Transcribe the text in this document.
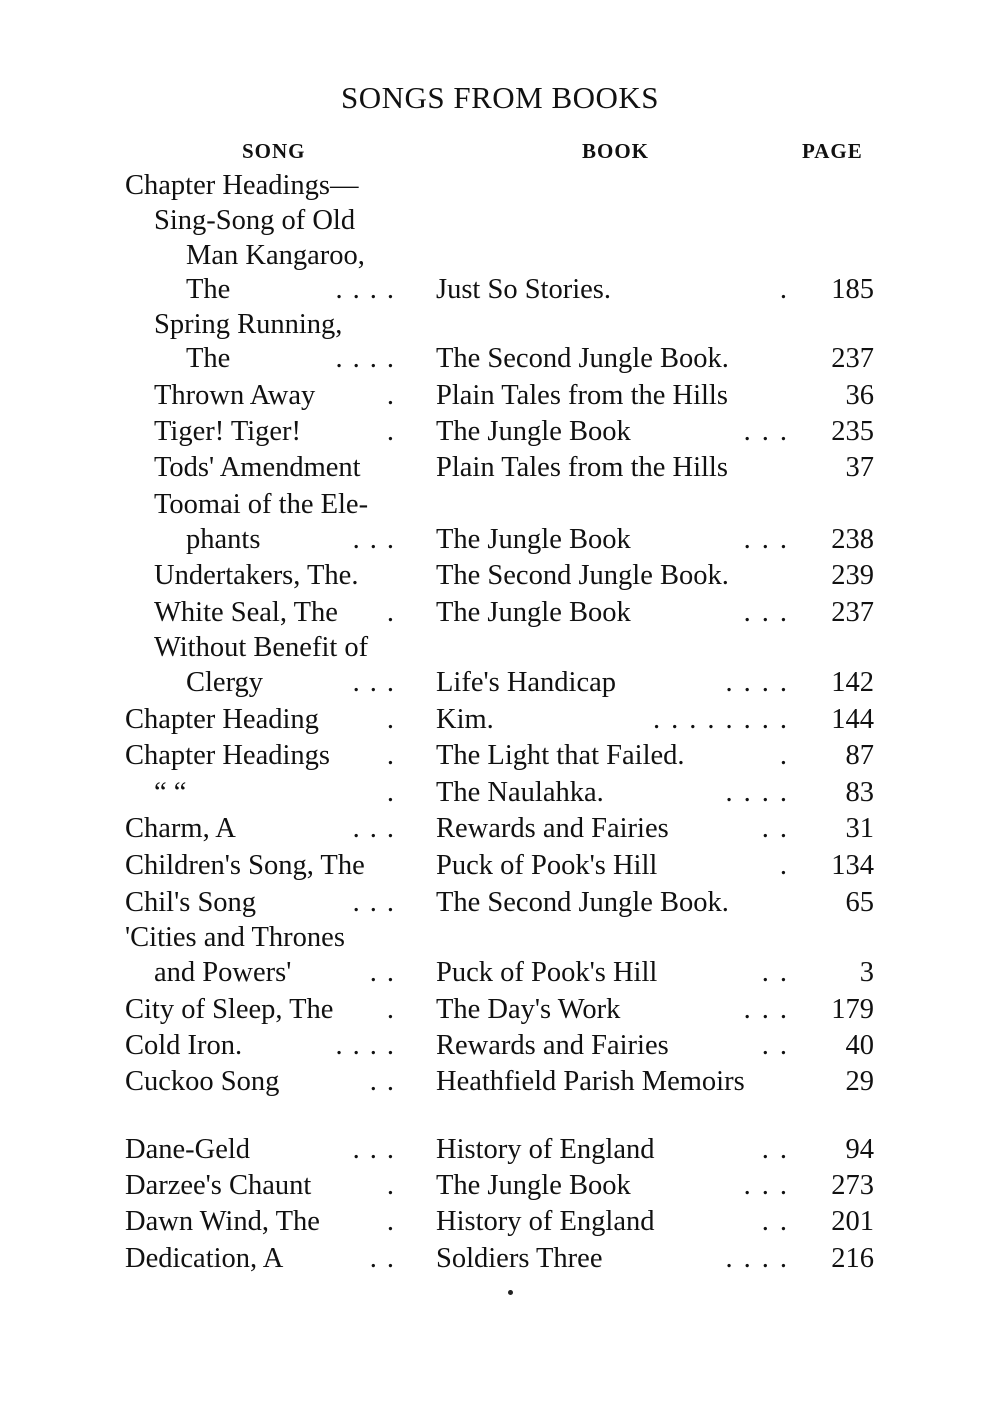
SONGS FROM BOOKS
SONG	BOOK	PAGE
Chapter Headings—
Sing-Song of Old
Man Kangaroo,
The	.... Just So Stories.	.	185
Spring Running,
The	.... The Second Jungle Book.	237
Thrown Away	. Plain Tales from the Hills	36
Tiger! Tiger!	. The Jungle Book	...	235
Tods' Amendment	Plain Tales from the Hills	37
Toomai of the Ele-
phants	... The Jungle Book	...	238
Undertakers, The.	The Second Jungle Book.	239
White Seal, The . The Jungle Book	...	237
Without Benefit of
Clergy	... Life's Handicap	....	142
Chapter Heading . Kim.	........	144
Chapter Headings . The Light that Failed.	.	87
“ “	. The Naulahka.	....	83
Charm, A	... Rewards and Fairies	..	31
Children's Song, The	Puck of Pook's Hill	.	134
Chil's Song	... The Second Jungle Book.	65
'Cities and Thrones
and Powers'	.. Puck of Pook's Hill	..	3
City of Sleep, The . The Day's Work	...	179
Cold Iron.	.... Rewards and Fairies	..	40
Cuckoo Song	.. Heathfield Parish Memoirs	29
Dane-Geld	... History of England	..	94
Darzee's Chaunt	. The Jungle Book	...	273
Dawn Wind, The . History of England	..	201
Dedication, A	.. Soldiers Three	....	216
